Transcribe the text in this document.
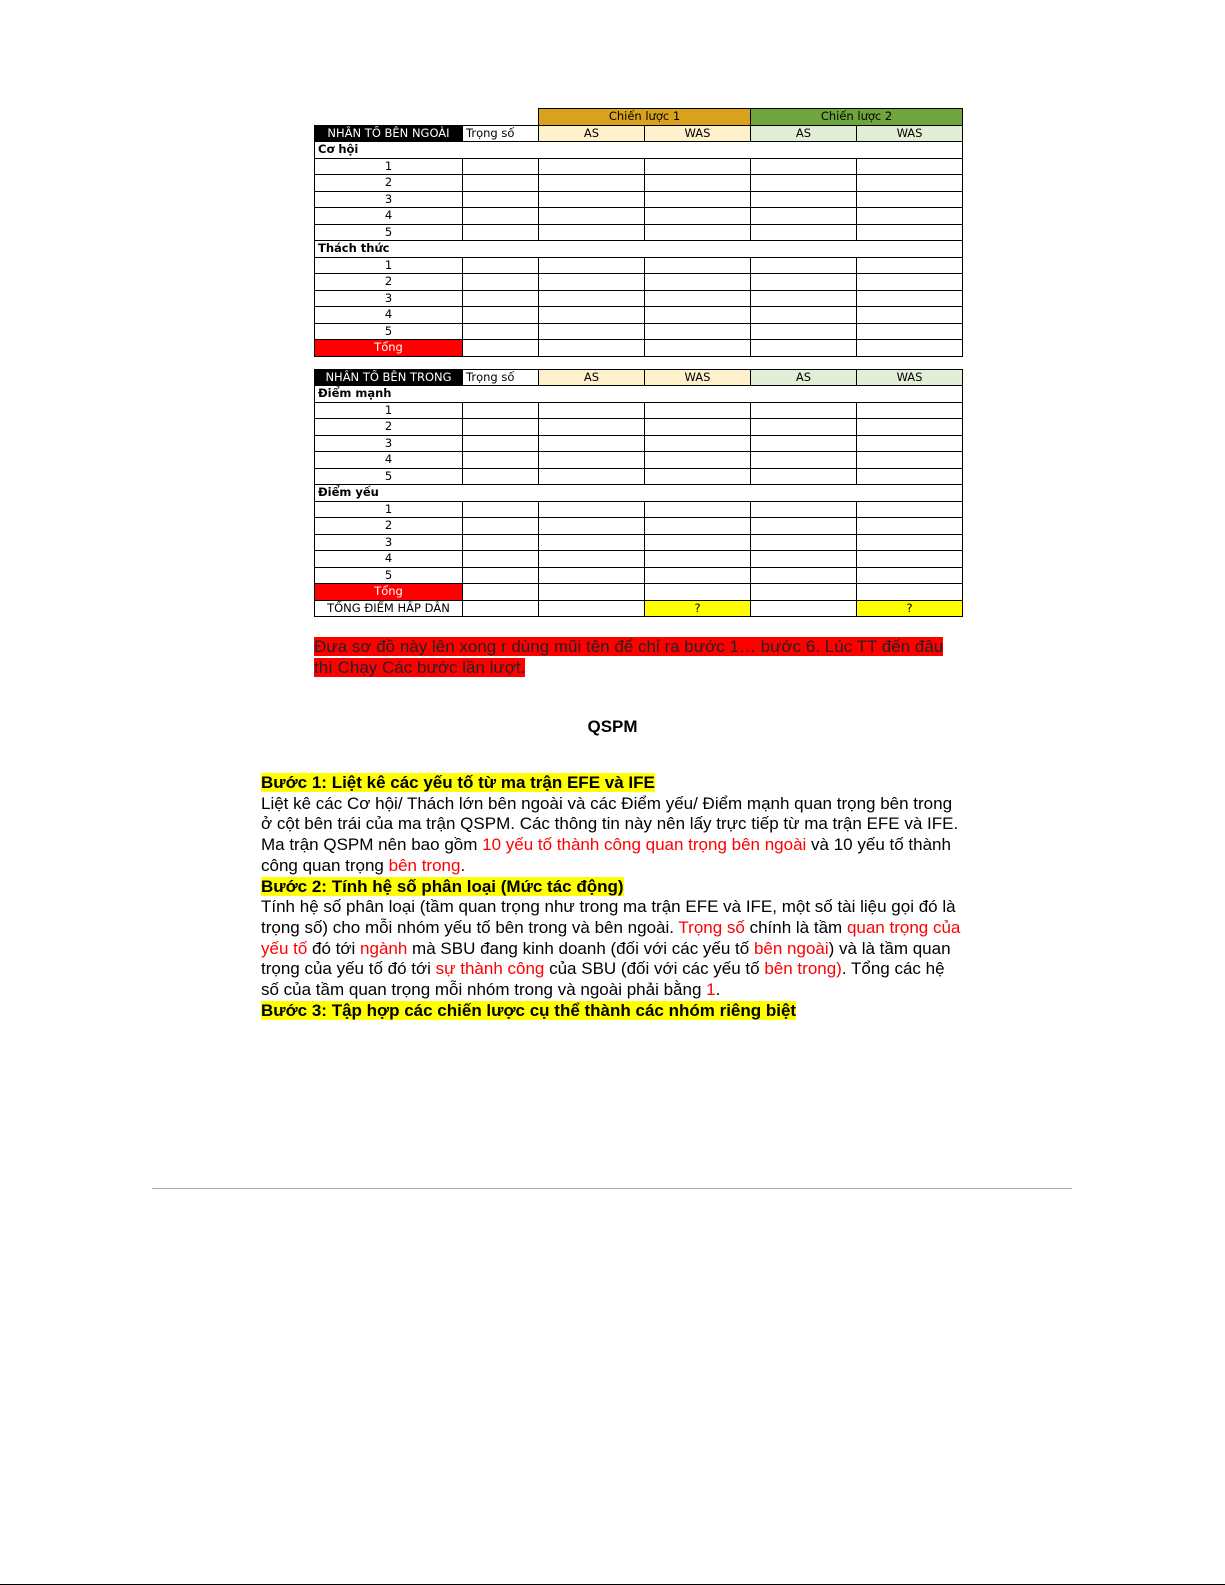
		Chiến lược 1		Chiến lược 2	
NHÂN TỐ BÊN NGOÀI	Trọng số	AS	WAS	AS	WAS
Cơ hội					
1					
2					
3					
4					
5					
Thách thức					
1					
2					
3					
4					
5					
Tổng					

NHÂN TỐ BÊN TRONG	Trọng số	AS	WAS	AS	WAS
Điểm mạnh					
1					
2					
3					
4					
5					
Điểm yếu					
1					
2					
3					
4					
5					
Tổng					
TỔNG ĐIỂM HẤP DẪN			?		?
Đưa sơ đồ này lên xong r dùng mũi tên để chỉ ra bước 1… bước 6. Lúc TT đến đâu thì Chạy Các bước lần lượt.
QSPM

Bước 1: Liệt kê các yếu tố từ ma trận EFE và IFE

Liệt kê các Cơ hội/ Thách lớn bên ngoài và các Điểm yếu/ Điểm mạnh quan trọng bên trong ở cột bên trái của ma trận QSPM. Các thông tin này nên lấy trực tiếp từ ma trận EFE và IFE. Ma trận QSPM nên bao gồm 10 yếu tố thành công quan trọng bên ngoài và 10 yếu tố thành công quan trọng bên trong.

Bước 2: Tính hệ số phân loại (Mức tác động)

Tính hệ số phân loại (tầm quan trọng như trong ma trận EFE và IFE, một số tài liệu gọi đó là trọng số) cho mỗi nhóm yếu tố bên trong và bên ngoài. Trọng số chính là tầm quan trọng của yếu tố đó tới ngành mà SBU đang kinh doanh (đối với các yếu tố bên ngoài) và là tầm quan trọng của yếu tố đó tới sự thành công của SBU (đối với các yếu tố bên trong). Tổng các hệ số của tầm quan trọng mỗi nhóm trong và ngoài phải bằng 1.

Bước 3: Tập hợp các chiến lược cụ thể thành các nhóm riêng biệt
